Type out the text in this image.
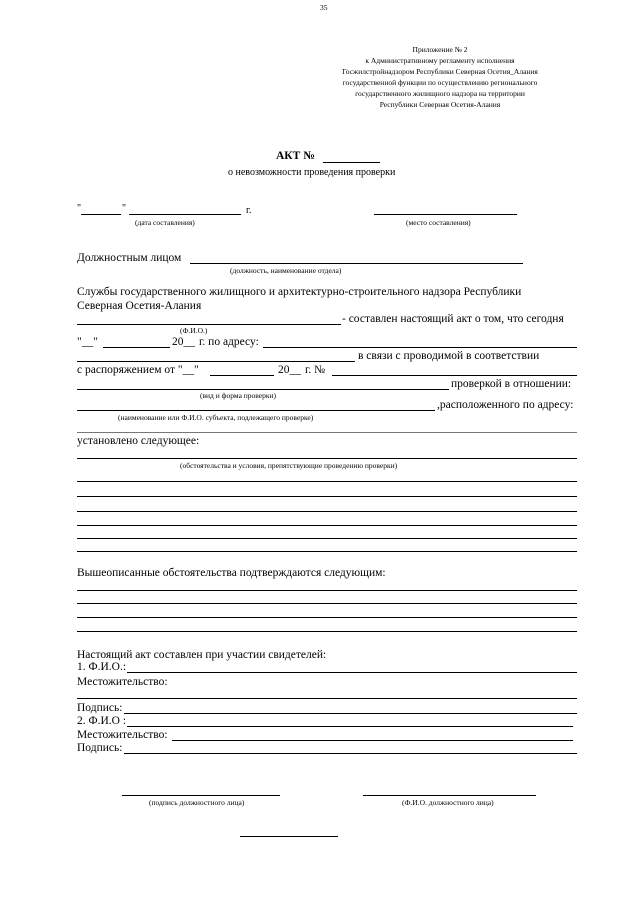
35
Приложение № 2
к Административному регламенту исполнения
Госжилстройнадзором Республики Северная Осетия_Алания
государственной функции по осуществлению регионального
государственного жилищного надзора на территории
Республики Северная Осетия-Алания
АКТ №
о невозможности проведения проверки
"	"	г.
(дата составления)	(место составления)
Должностным лицом
(должность, наименование отдела)
Службы государственного жилищного и архитектурно-строительного надзора Республики
Северная Осетия-Алания
- составлен настоящий акт о том, что сегодня
(Ф.И.О.)
"__"	20__ г. по адресу:
в связи с проводимой в соответствии
с распоряжением от "__"	20__ г. №
проверкой в отношении:
(вид и форма проверки)
,расположенного по адресу:
(наименование или Ф.И.О. субъекта, подлежащего проверке)
установлено следующее:
(обстоятельства и условия, препятствующие проведению проверки)
Вышеописанные обстоятельства подтверждаются следующим:
Настоящий акт составлен при участии свидетелей:
1. Ф.И.О.:
Местожительство:
Подпись:
2. Ф.И.О :
Местожительство:
Подпись:
(подпись должностного лица)	(Ф.И.О. должностного лица)
